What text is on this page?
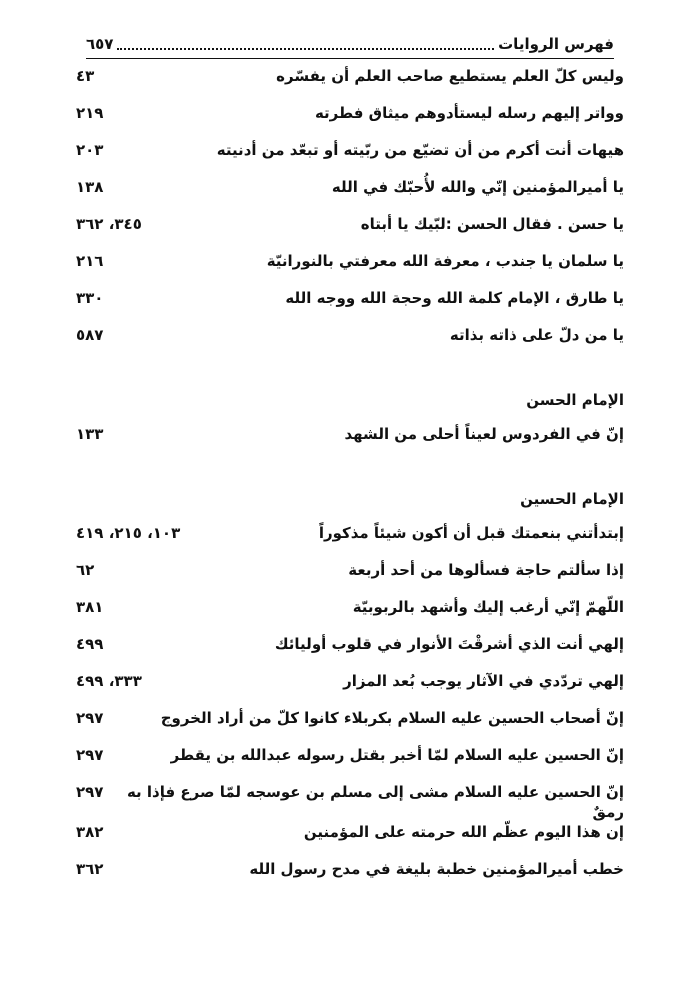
فهرس الروايات
٦٥٧
وليس كلّ العلم يستطيع صاحب العلم أن يفسّره
٤٣
وواتر إليهم رسله ليستأدوهم ميثاق فطرته
٢١٩
هيهات أنت أكرم من أن تضيّع من ربّيته أو تبعّد من أدنيته
٢٠٣
يا أميرالمؤمنين إنّي والله لأُحبّك في الله
١٣٨
يا حسن . فقال الحسن :لبّيك يا أبتاه
٣٤٥، ٣٦٢
يا سلمان يا جندب ، معرفة الله معرفتي بالنورانيّة
٢١٦
يا طارق ، الإمام كلمة الله وحجة الله ووجه الله
٣٣٠
يا من دلّ على ذاته بذاته
٥٨٧
الإمام الحسن
إنّ في الفردوس لعيناً أحلى من الشهد
١٣٣
الإمام الحسين
إبتدأتني بنعمتك قبل أن أكون شيئاً مذكوراً
١٠٣، ٢١٥، ٤١٩
إذا سألتم حاجة فسألوها من أحد أربعة
٦٢
اللّهمّ إنّي أرغب إليك وأشهد بالربوبيّة
٣٨١
إلهي أنت الذي أشرقْتَ الأنوار في قلوب أوليائك
٤٩٩
إلهي تردّدي في الآثار يوجب بُعد المزار
٣٣٣، ٤٩٩
إنّ أصحاب الحسين عليه السلام بكربلاء كانوا كلّ من أراد الخروج
٢٩٧
إنّ الحسين عليه السلام لمّا أخبر بقتل رسوله عبدالله بن يقطر
٢٩٧
إنّ الحسين عليه السلام مشى إلى مسلم بن عوسجه لمّا صرع فإذا به رمقٌ
٢٩٧
إن هذا اليوم عظّم الله حرمته على المؤمنين
٣٨٢
خطب أميرالمؤمنين خطبة بليغة في مدح رسول الله
٣٦٢
